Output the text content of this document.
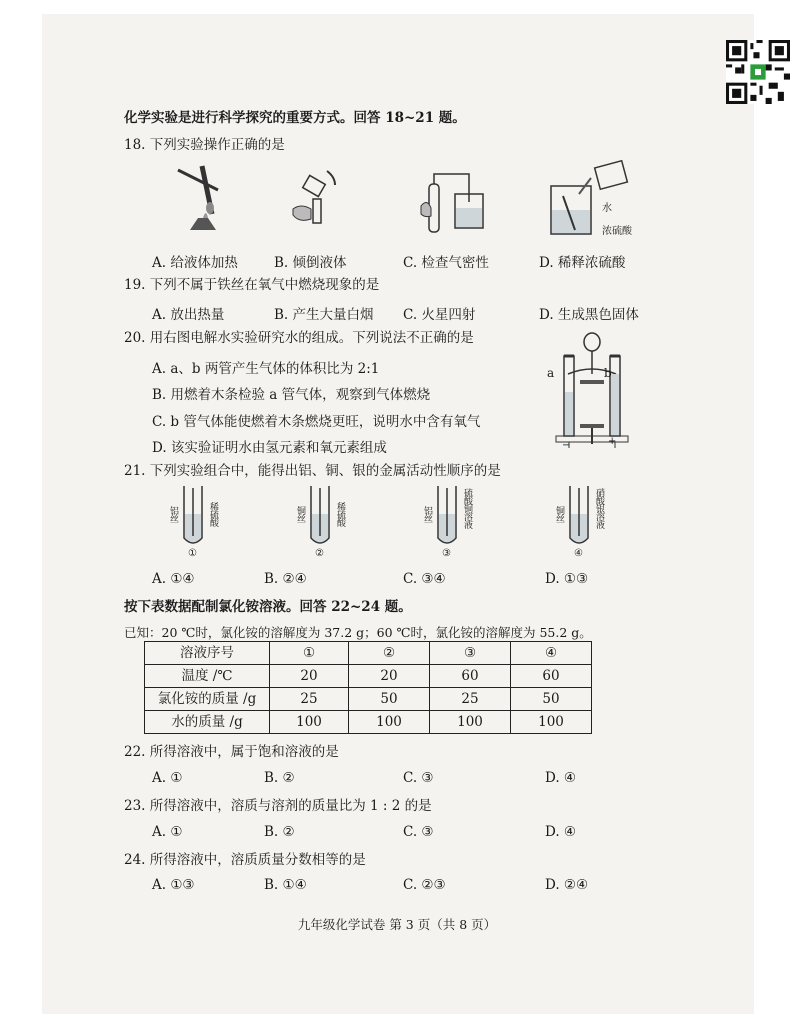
化学实验是进行科学探究的重要方式。回答 18~21 题。
18. 下列实验操作正确的是
水
浓硫酸
A. 给液体加热	B. 倾倒液体	C. 检查气密性	D. 稀释浓硫酸
19. 下列不属于铁丝在氧气中燃烧现象的是
A. 放出热量	B. 产生大量白烟 C. 火星四射	D. 生成黑色固体
20. 用右图电解水实验研究水的组成。下列说法不正确的是
A. a、b 两管产生气体的体积比为 2:1
B. 用燃着木条检验 a 管气体，观察到气体燃烧
C. b 管气体能使燃着木条燃烧更旺，说明水中含有氧气
D. 该实验证明水由氢元素和氧元素组成
a	b
−	+
21. 下列实验组合中，能得出铝、铜、银的金属活动性顺序的是
铝丝	稀硫酸
①
铜丝	稀硫酸
②
铝丝	硫酸铜溶液
③
铜丝	硝酸银溶液
④
A. ①④	B. ②④	C. ③④	D. ①③
按下表数据配制氯化铵溶液。回答 22~24 题。
已知：20 ℃时，氯化铵的溶解度为 37.2 g；60 ℃时，氯化铵的溶解度为 55.2 g。
溶液序号	①	②	③	④
温度 /℃	20	20	60	60
氯化铵的质量 /g	25	50	25	50
水的质量 /g	100	100	100	100
22. 所得溶液中，属于饱和溶液的是
A. ①	B. ②	C. ③	D. ④
23. 所得溶液中，溶质与溶剂的质量比为 1 : 2 的是
A. ①	B. ②	C. ③	D. ④
24. 所得溶液中，溶质质量分数相等的是
A. ①③	B. ①④	C. ②③	D. ②④
九年级化学试卷 第 3 页（共 8 页）
